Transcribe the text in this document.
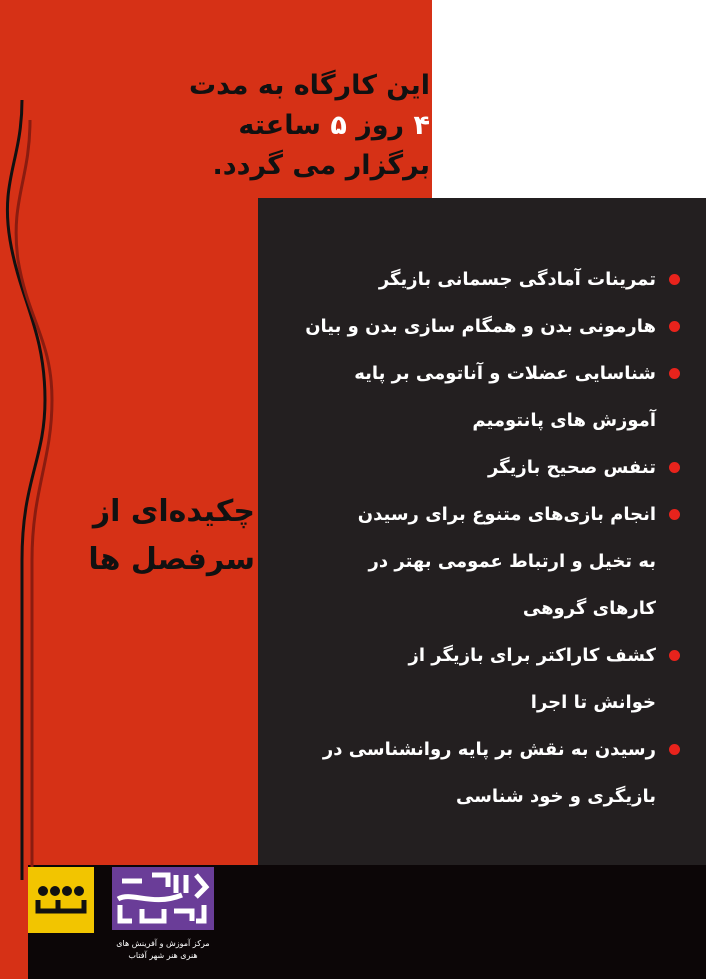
این کارگاه به مدت
۴ روز ۵ ساعته
برگزار می گردد.
چکیده‌ای از
سرفصل ها
تمرینات آمادگی جسمانی بازیگر
هارمونی بدن و همگام سازی بدن و بیان
شناسایی عضلات و آناتومی بر پایه
آموزش های پانتومیم
تنفس صحیح بازیگر
انجام بازی‌های متنوع برای رسیدن
به تخیل و ارتباط عمومی بهتر در
کارهای گروهی
کشف کاراکتر برای بازیگر از
خوانش تا اجرا
رسیدن به نقش بر پایه روانشناسی در
بازیگری و خود شناسی
مرکز آموزش و آفرینش های هنری هنر شهر آفتاب
